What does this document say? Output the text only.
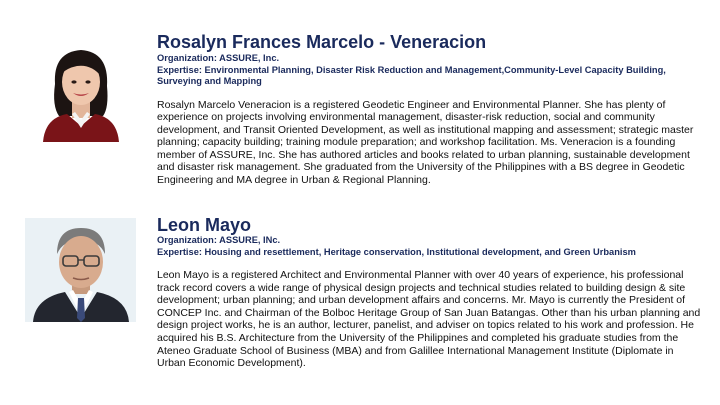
Rosalyn Frances Marcelo - Veneracion

Organization: ASSURE, Inc.

Expertise: Environmental Planning, Disaster Risk Reduction and Management,Community-Level Capacity Building, Surveying and Mapping

Rosalyn Marcelo Veneracion is a registered Geodetic Engineer and Environmental Planner. She has plenty of experience on projects involving environmental management, disaster-risk reduction, social and community development, and Transit Oriented Development, as well as institutional mapping and assessment; strategic master planning; capacity building; training module preparation; and workshop facilitation. Ms. Veneracion is a founding member of ASSURE, Inc. She has authored articles and books related to urban planning, sustainable development and disaster risk management. She graduated from the University of the Philippines with a BS degree in Geodetic Engineering and MA degree in Urban & Regional Planning.

Leon Mayo

Organization: ASSURE, INc.

Expertise: Housing and resettlement, Heritage conservation, Institutional development, and Green Urbanism

Leon Mayo is a registered Architect and Environmental Planner with over 40 years of experience, his professional track record covers a wide range of physical design projects and technical studies related to building design & site development; urban planning; and urban development affairs and concerns. Mr. Mayo is currently the President of CONCEP Inc. and Chairman of the Bolboc Heritage Group of San Juan Batangas. Other than his urban planning and design project works, he is an author, lecturer, panelist, and adviser on topics related to his work and profession. He acquired his B.S. Architecture from the University of the Philippines and completed his graduate studies from the Ateneo Graduate School of Business (MBA) and from Galillee International Management Institute (Diplomate in Urban Economic Development).
